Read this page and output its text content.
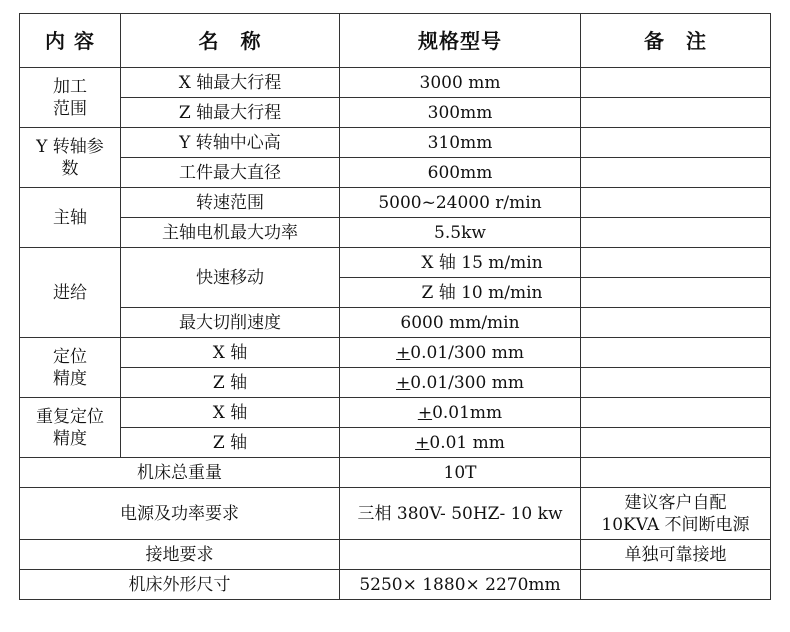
内 容	名　称	规格型号	备　注

加工
范围	X 轴最大行程	3000 mm	
	Z 轴最大行程	300mm	

Y 转轴参
数	Y 转轴中心高	310mm	
	工件最大直径	600mm	
主轴	转速范围	5000~24000 r/min	
	主轴电机最大功率	5.5kw	
进给	快速移动	X 轴 15 m/min	
		Z 轴 10 m/min	
	最大切削速度	6000 mm/min	

定位
精度	X 轴	+0.01/300 mm	
	Z 轴	+0.01/300 mm	

重复定位
精度	X 轴	+0.01mm	
	Z 轴	+0.01 mm	
机床总重量		10T	
电源及功率要求		三相 380V- 50HZ- 10 kw	建议客户自配
10KVA 不间断电源

接地要求			单独可靠接地
机床外形尺寸		5250× 1880× 2270mm	
